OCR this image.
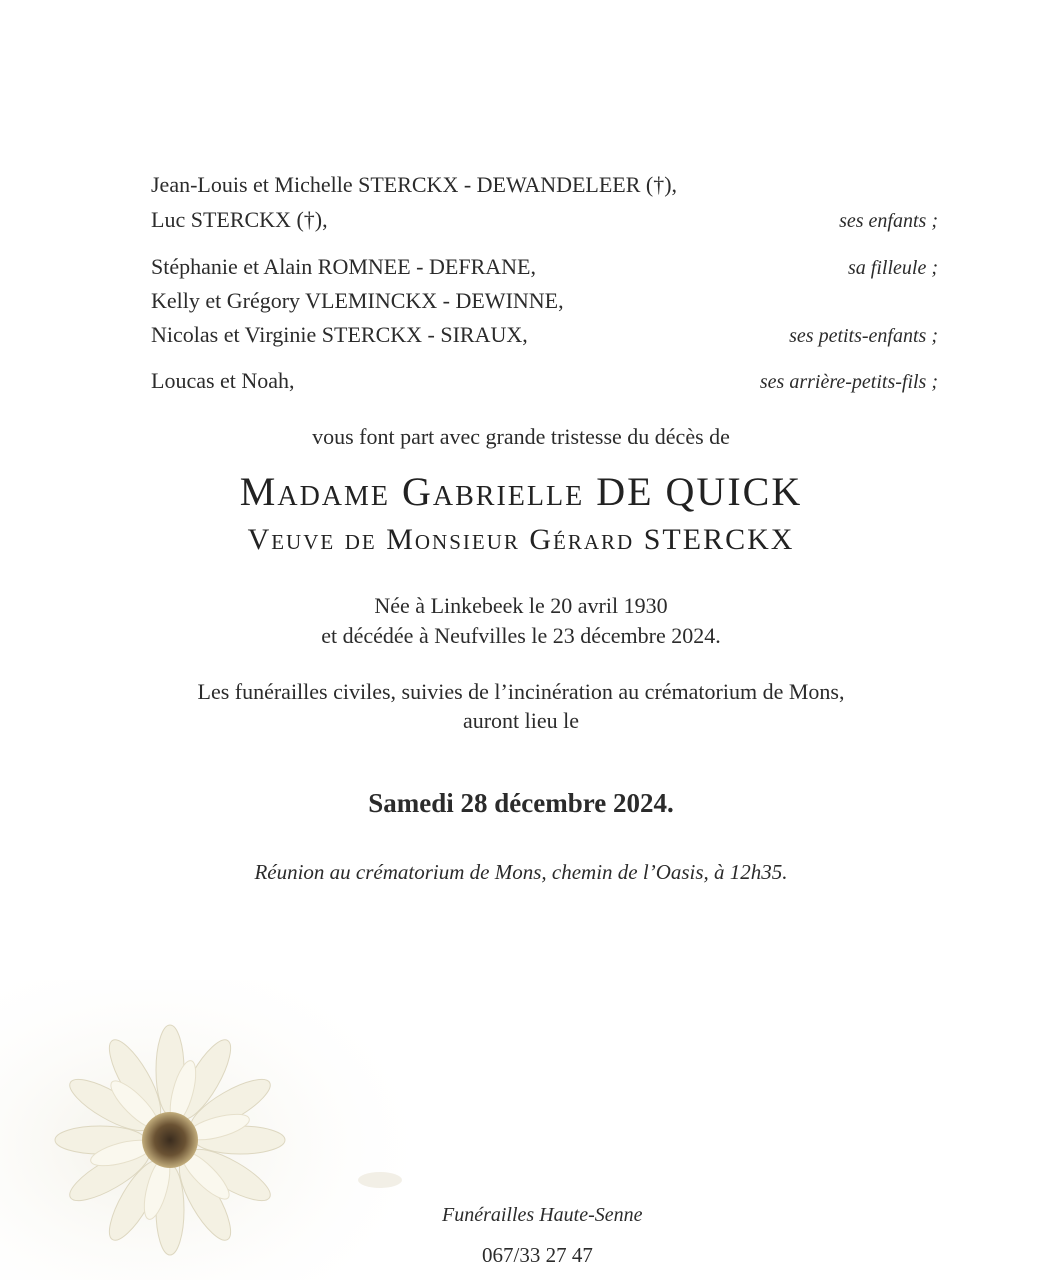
Jean-Louis et Michelle STERCKX - DEWANDELEER (†),
Luc STERCKX (†),	ses enfants ;
Stéphanie et Alain ROMNEE - DEFRANE,	sa filleule ;
Kelly et Grégory VLEMINCKX - DEWINNE,
Nicolas et Virginie STERCKX - SIRAUX,	ses petits-enfants ;
Loucas et Noah,	ses arrière-petits-fils ;
vous font part avec grande tristesse du décès de
Madame Gabrielle DE QUICK
Veuve de Monsieur Gérard STERCKX
Née à Linkebeek le 20 avril 1930
et décédée à Neufvilles le 23 décembre 2024.
Les funérailles civiles, suivies de l’incinération au crématorium de Mons,
auront lieu le
Samedi 28 décembre 2024.
Réunion au crématorium de Mons, chemin de l’Oasis, à 12h35.
Funérailles Haute-Senne
067/33 27 47
